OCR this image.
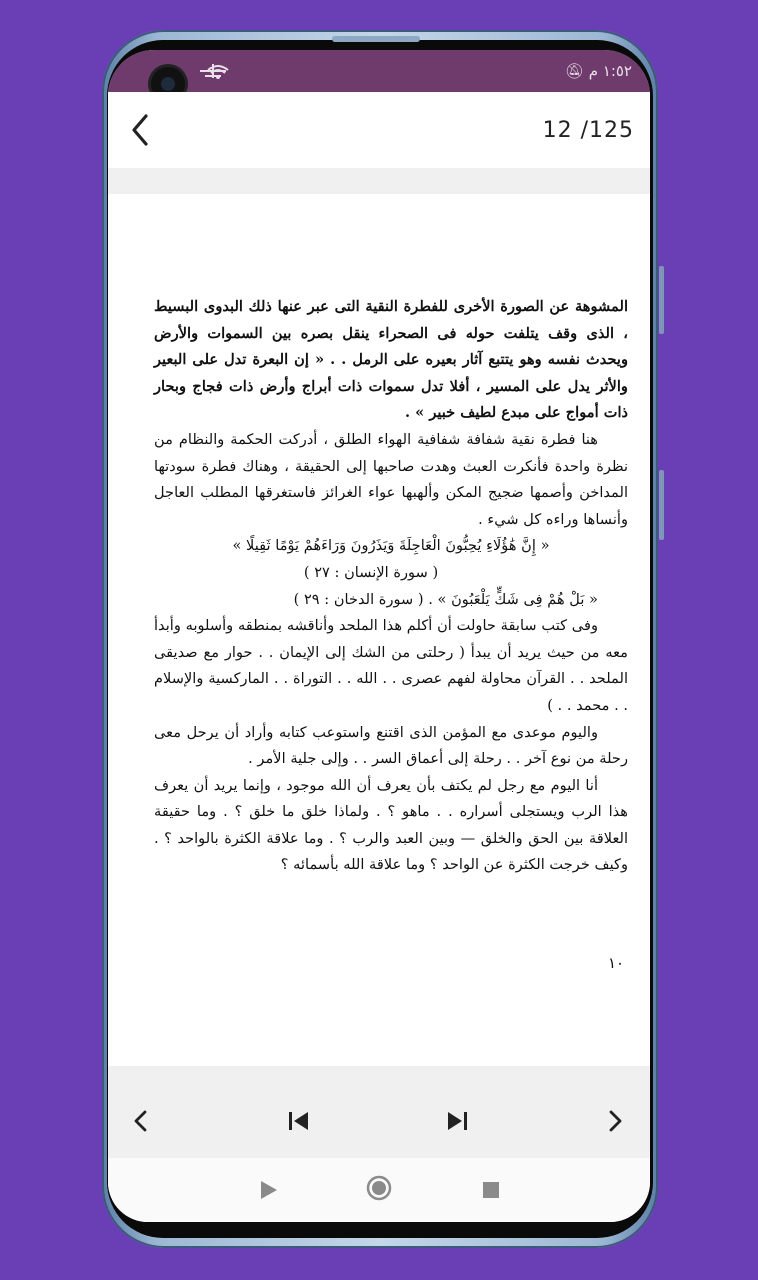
🔕︎ ١:٥٢ م
12 /125

المشوهة عن الصورة الأخرى للفطرة النقية التى عبر عنها ذلك البدوى البسيط ، الذى وقف يتلفت حوله فى الصحراء ينقل بصره بين السموات والأرض ويحدث نفسه وهو يتتبع آثار بعيره على الرمل . . « إن البعرة تدل على البعير والأثر يدل على المسير ، أفلا تدل سموات ذات أبراج وأرض ذات فجاج وبحار ذات أمواج على مبدع لطيف خبير » .

هنا فطرة نقية شفافة شفافية الهواء الطلق ، أدركت الحكمة والنظام من نظرة واحدة فأنكرت العبث وهدت صاحبها إلى الحقيقة ، وهناك فطرة سودتها المداخن وأصمها ضجيج المكن وألهبها عواء الغرائز فاستغرقها المطلب العاجل وأنساها وراءه كل شيء .

« إِنَّ هَٰؤُلَاءِ يُحِبُّونَ الْعَاجِلَةَ وَيَذَرُونَ وَرَاءَهُمْ يَوْمًا ثَقِيلًا »

( سورة الإنسان : ٢٧ )

« بَلْ هُمْ فِى شَكٍّ يَلْعَبُونَ » . ( سورة الدخان : ٢٩ )

وفى كتب سابقة حاولت أن أكلم هذا الملحد وأناقشه بمنطقه وأسلوبه وأبدأ معه من حيث يريد أن يبدأ ( رحلتى من الشك إلى الإيمان . . حوار مع صديقى الملحد . . القرآن محاولة لفهم عصرى . . الله . . التوراة . . الماركسية والإسلام . . محمد . . )

واليوم موعدى مع المؤمن الذى اقتنع واستوعب كتابه وأراد أن يرحل معى رحلة من نوع آخر . . رحلة إلى أعماق السر . . وإلى جلية الأمر .

أنا اليوم مع رجل لم يكتف بأن يعرف أن الله موجود ، وإنما يريد أن يعرف هذا الرب ويستجلى أسراره . . ماهو ؟ . ولماذا خلق ما خلق ؟ . وما حقيقة العلاقة بين الحق والخلق — وبين العبد والرب ؟ . وما علاقة الكثرة بالواحد ؟ . وكيف خرجت الكثرة عن الواحد ؟ وما علاقة الله بأسمائه ؟

١٠
